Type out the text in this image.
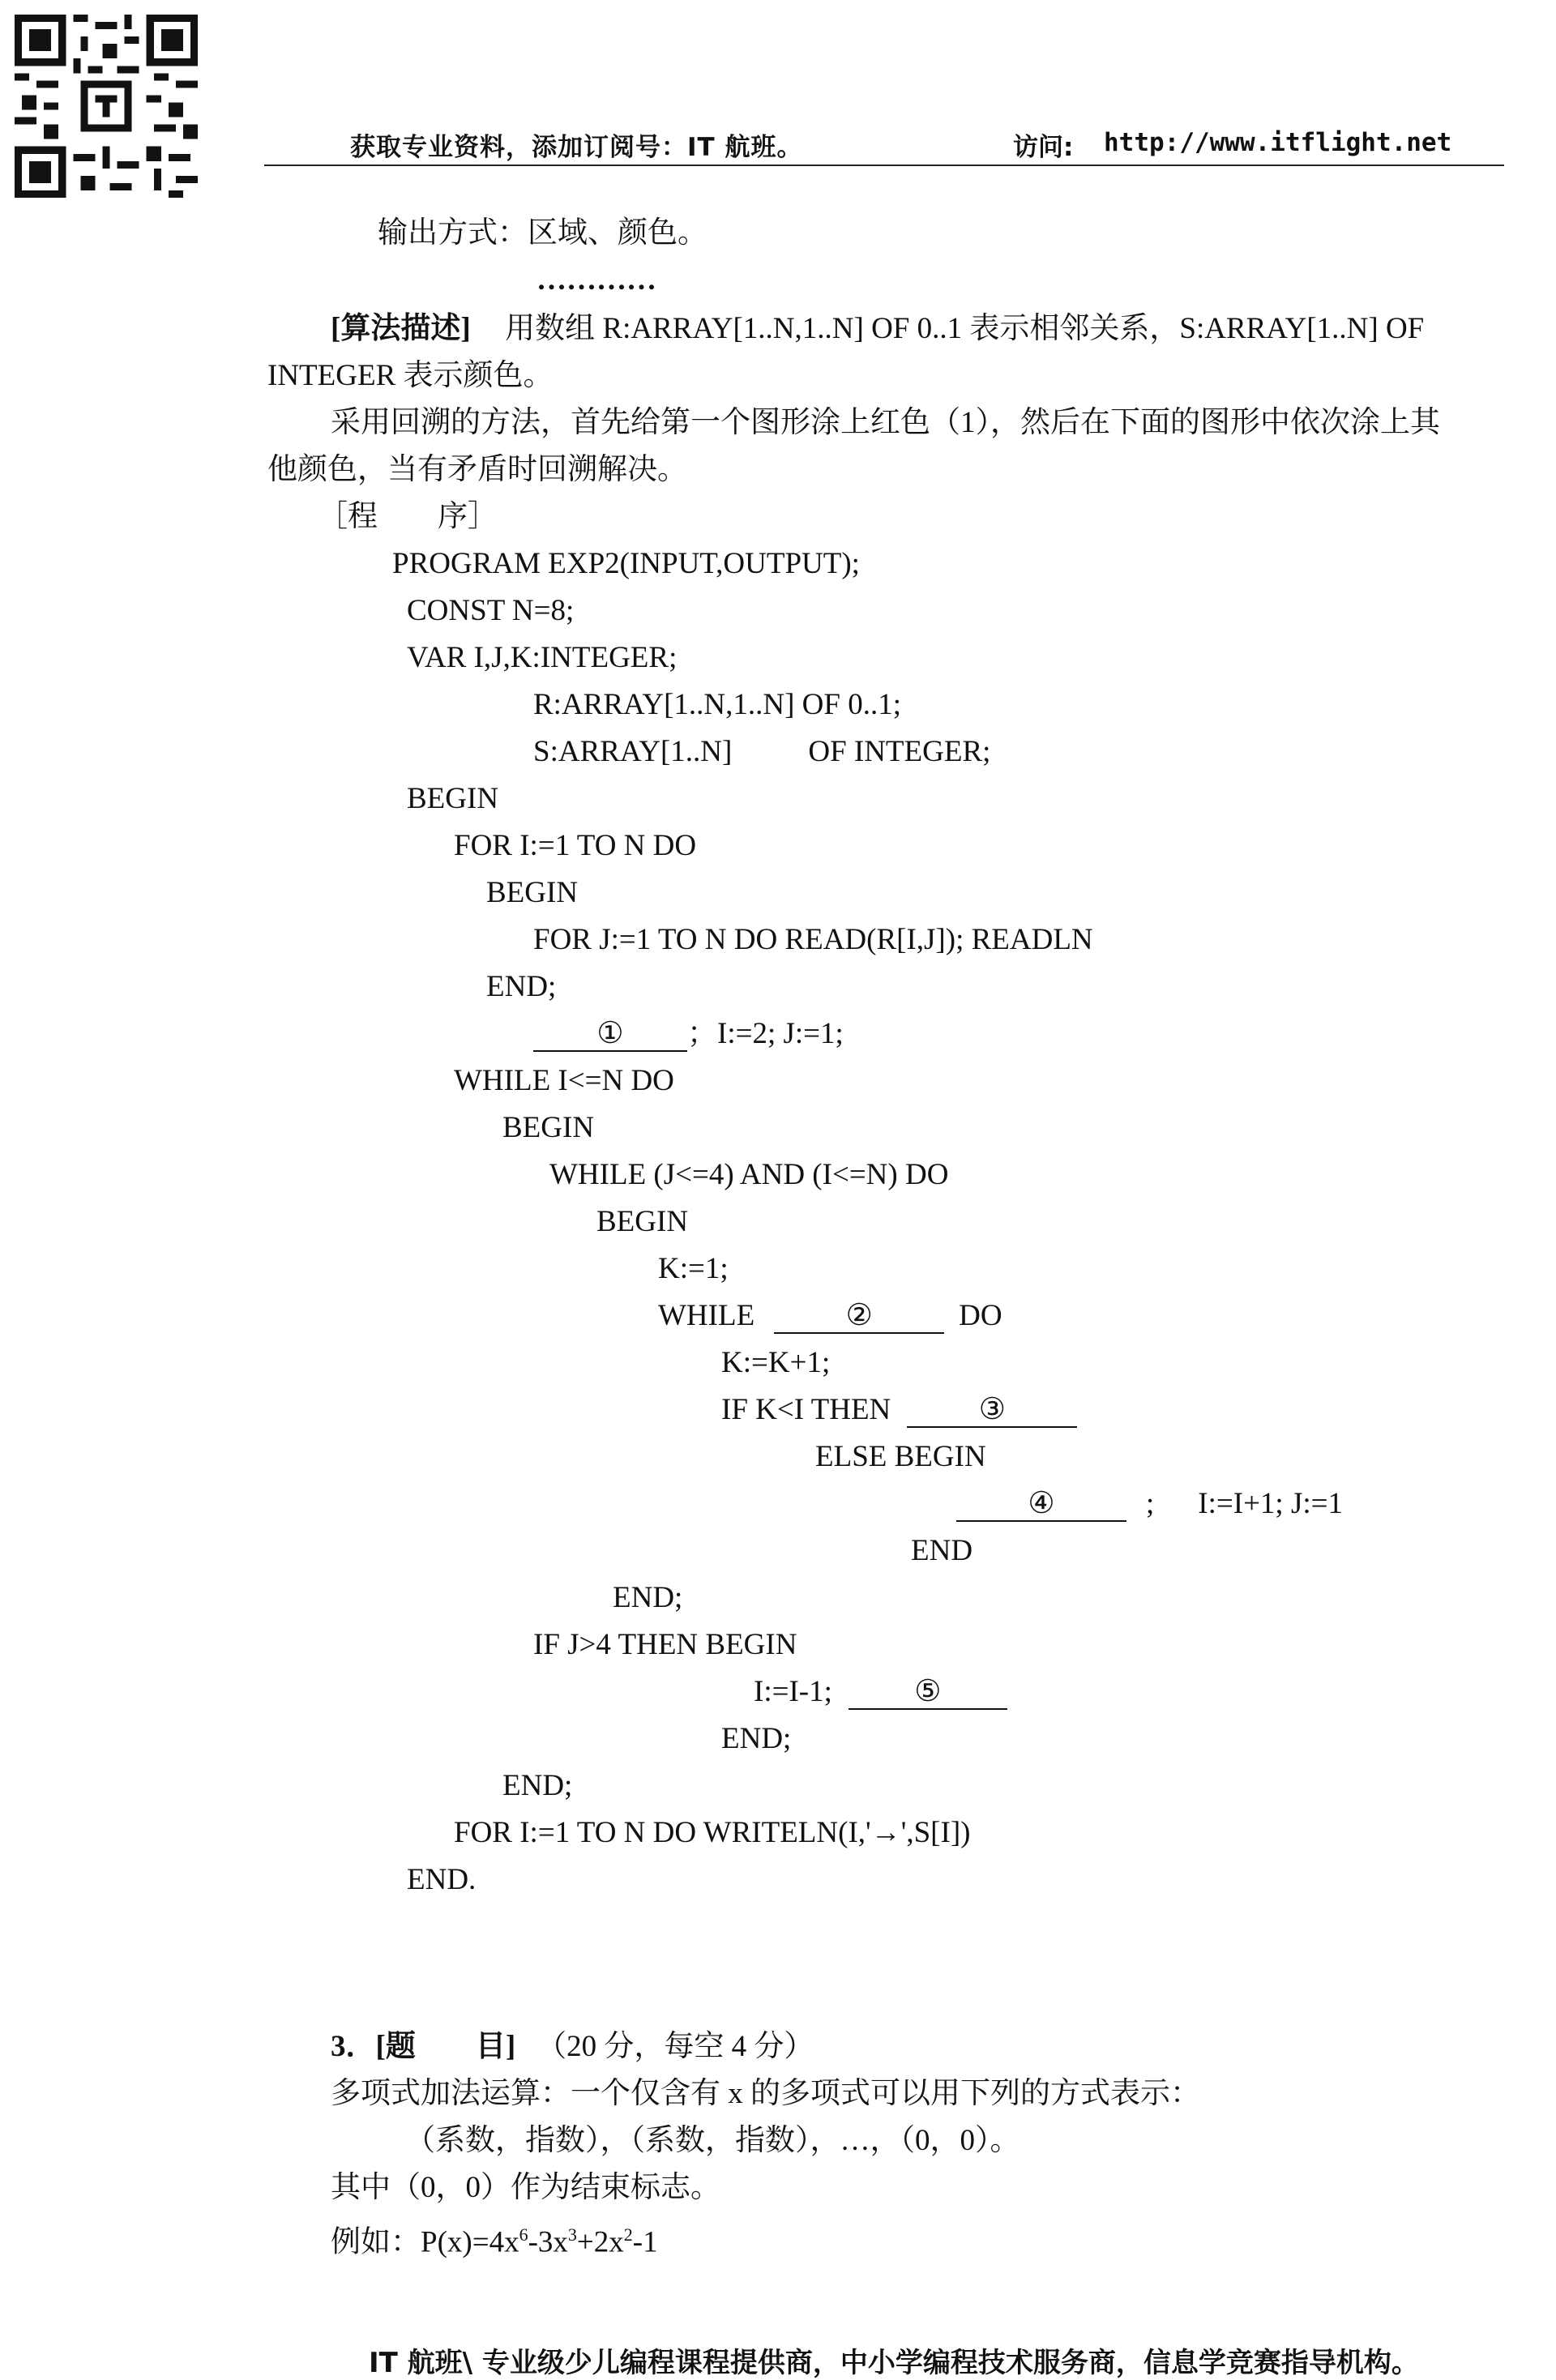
获取专业资料，添加订阅号：IT 航班。	访问: http://www.itflight.net
输出方式：区域、颜色。
…………
[算法描述] 用数组 R:ARRAY[1..N,1..N] OF 0..1 表示相邻关系，S:ARRAY[1..N] OF
INTEGER 表示颜色。
采用回溯的方法，首先给第一个图形涂上红色（1），然后在下面的图形中依次涂上其
他颜色，当有矛盾时回溯解决。
［程　　序］
PROGRAM EXP2(INPUT,OUTPUT);
CONST N=8;
VAR I,J,K:INTEGER;
R:ARRAY[1..N,1..N] OF 0..1;
S:ARRAY[1..N]	OF INTEGER;
BEGIN
FOR I:=1 TO N DO
BEGIN
FOR J:=1 TO N DO READ(R[I,J]); READLN
END;
① ；I:=2; J:=1;
WHILE I<=N DO
BEGIN
WHILE (J<=4) AND (I<=N) DO
BEGIN
K:=1;
WHILE	②	DO
K:=K+1;
IF K<I THEN	③
ELSE BEGIN
④	; I:=I+1; J:=1
END
END;
IF J>4 THEN BEGIN
I:=I-1;	⑤
END;
END;
FOR I:=1 TO N DO WRITELN(I,'→',S[I])
END.
3．[题　　目] （20 分，每空 4 分）
多项式加法运算：一个仅含有 x 的多项式可以用下列的方式表示：
（系数，指数），（系数，指数），…，（0，0）。
其中（0，0）作为结束标志。
例如：$P(x)=4x^6-3x^3+2x^2-1$
IT 航班\ 专业级少儿编程课程提供商，中小学编程技术服务商，信息学竞赛指导机构。
